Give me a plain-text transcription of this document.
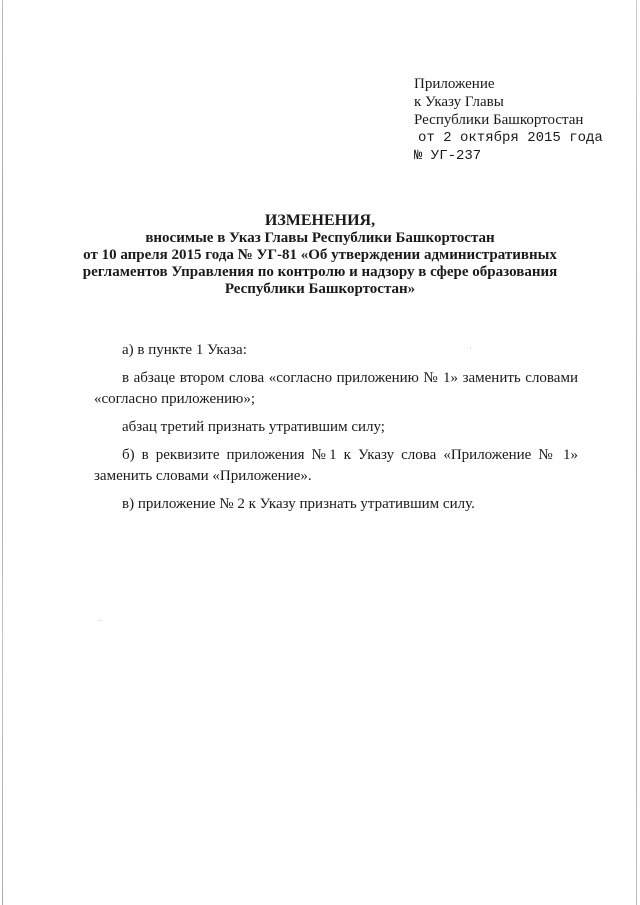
Приложение
к Указу Главы
Республики Башкортостан
от 2 октября 2015 года
№ УГ-237
ИЗМЕНЕНИЯ,
вносимые в Указ Главы Республики Башкортостан
от 10 апреля 2015 года № УГ-81 «Об утверждении административных
регламентов Управления по контролю и надзору в сфере образования
Республики Башкортостан»

а) в пункте 1 Указа:

в абзаце втором слова «согласно приложению № 1» заменить словами «согласно приложению»;

абзац третий признать утратившим силу;

б) в реквизите приложения №1 к Указу слова «Приложение № 1» заменить словами «Приложение».

в) приложение № 2 к Указу признать утратившим силу.
